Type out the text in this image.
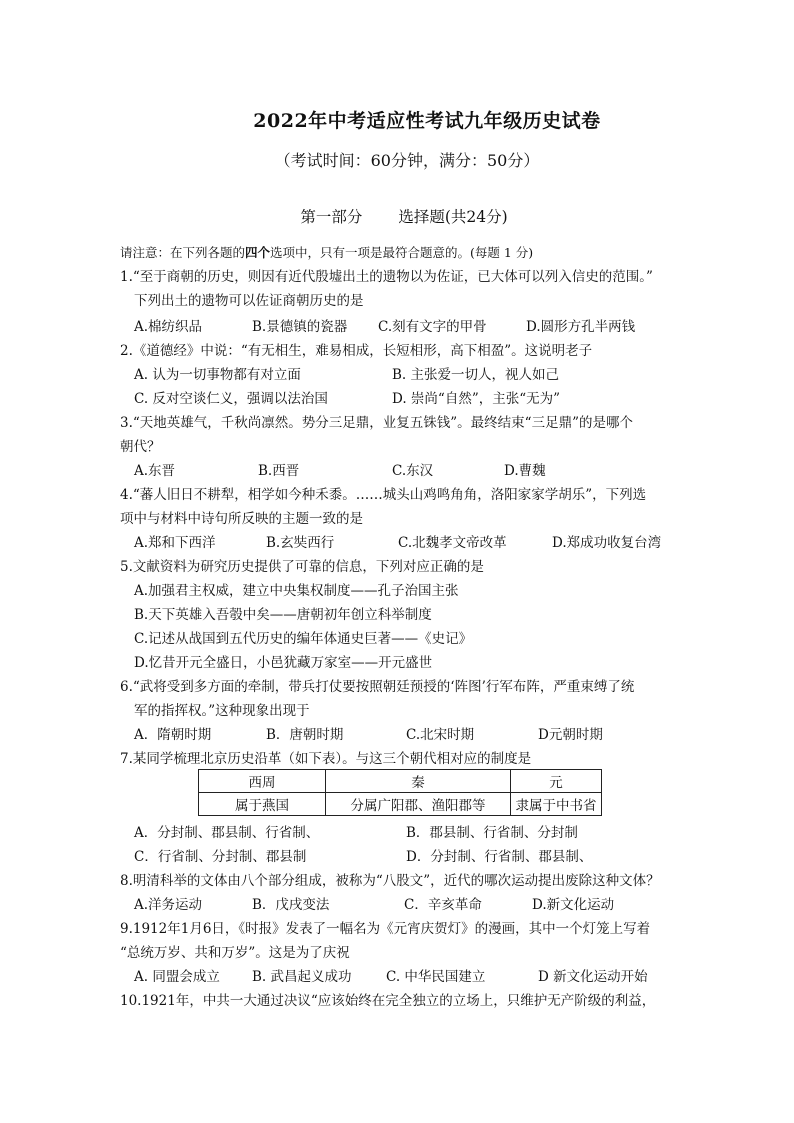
2022年中考适应性考试九年级历史试卷
（考试时间：60分钟，满分：50分）
第一部分 选择题(共24分)
请注意：在下列各题的四个选项中，只有一项是最符合题意的。(每题 1 分)
1.“至于商朝的历史，则因有近代殷墟出土的遗物以为佐证，已大体可以列入信史的范围。”
下列出土的遗物可以佐证商朝历史的是
A.棉纺织品	B.景德镇的瓷器 C.刻有文字的甲骨	D.圆形方孔半两钱
2.《道德经》中说：“有无相生，难易相成，长短相形，高下相盈”。这说明老子
A. 认为一切事物都有对立面	B. 主张爱一切人，视人如己
C. 反对空谈仁义，强调以法治国	D. 崇尚“自然”，主张“无为”
3.“天地英雄气，千秋尚凛然。势分三足鼎，业复五铢钱”。最终结束“三足鼎”的是哪个
朝代？
A.东晋	B.西晋	C.东汉	D.曹魏
4.“蕃人旧日不耕犁，相学如今种禾黍。……城头山鸡鸣角角，洛阳家家学胡乐”，下列选
项中与材料中诗句所反映的主题一致的是
A.郑和下西洋	B.玄奘西行	C.北魏孝文帝改革	D.郑成功收复台湾
5.文献资料为研究历史提供了可靠的信息，下列对应正确的是
A.加强君主权威，建立中央集权制度——孔子治国主张
B.天下英雄入吾彀中矣——唐朝初年创立科举制度
C.记述从战国到五代历史的编年体通史巨著——《史记》
D.忆昔开元全盛日，小邑犹藏万家室——开元盛世
6.“武将受到多方面的牵制，带兵打仗要按照朝廷预授的‘阵图’行军布阵，严重束缚了统
军的指挥权。”这种现象出现于
A．隋朝时期	B．唐朝时期	C.北宋时期	D元朝时期
7.某同学梳理北京历史沿革（如下表）。与这三个朝代相对应的制度是
西周	秦	元
属于燕国	分属广阳郡、渔阳郡等	隶属于中书省
A．分封制、郡县制、行省制、	B．郡县制、行省制、分封制
C．行省制、分封制、郡县制	D．分封制、行省制、郡县制、
8.明清科举的文体由八个部分组成，被称为“八股文”，近代的哪次运动提出废除这种文体？
A.洋务运动	B．戊戌变法	C．辛亥革命	D.新文化运动
9.1912年1月6日，《时报》发表了一幅名为《元宵庆贺灯》的漫画，其中一个灯笼上写着
“总统万岁、共和万岁”。这是为了庆祝
A. 同盟会成立 B. 武昌起义成功	C. 中华民国建立	D 新文化运动开始
10.1921年，中共一大通过决议“应该始终在完全独立的立场上，只维护无产阶级的利益，
